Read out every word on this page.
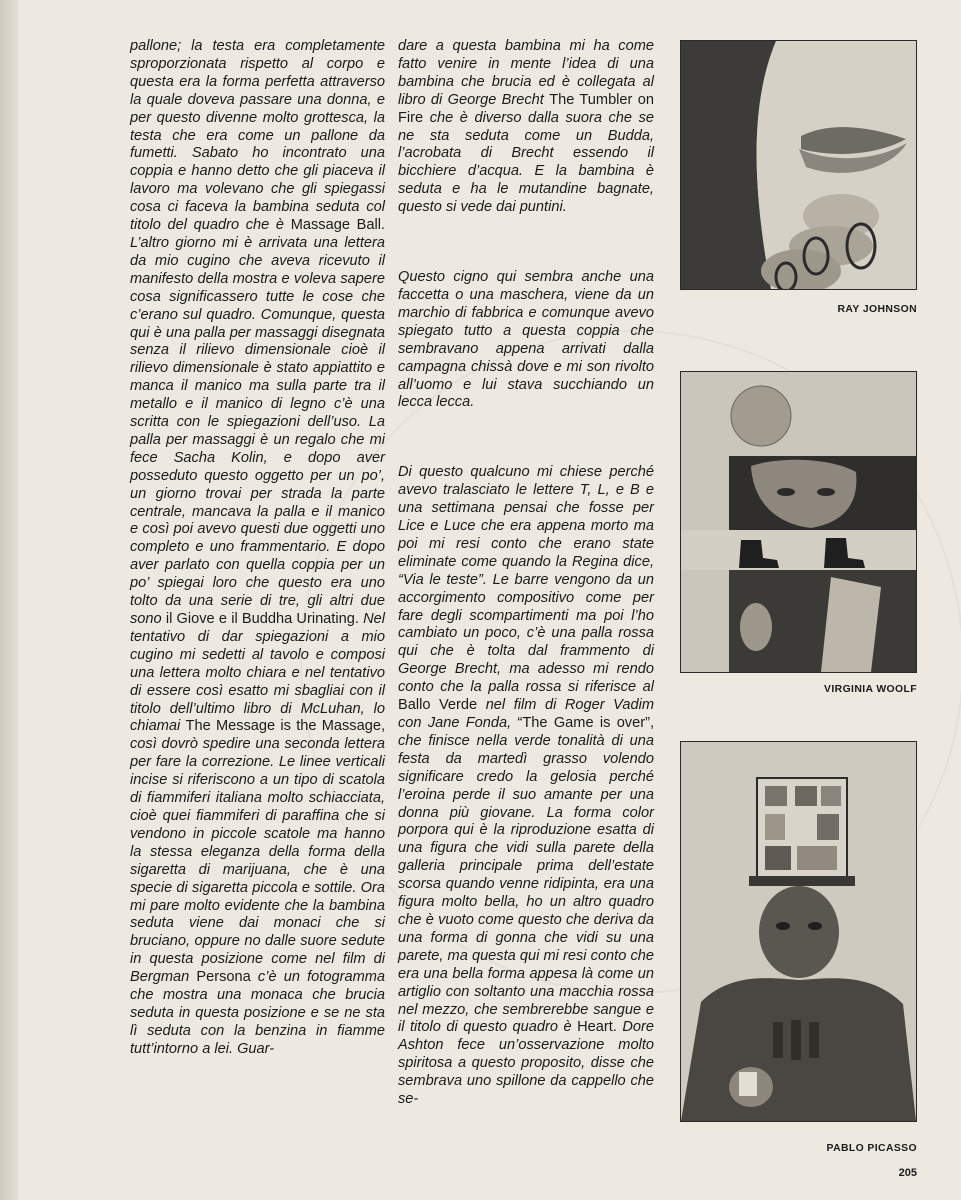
pallone; la testa era completamente sproporzionata rispetto al corpo e questa era la forma perfetta attraverso la quale doveva passare una donna, e per questo divenne molto grottesca, la testa che era come un pallone da fumetti. Sabato ho incontrato una coppia e hanno detto che gli piaceva il lavoro ma volevano che gli spiegassi cosa ci faceva la bambina seduta col titolo del quadro che è Massage Ball. L’altro giorno mi è arrivata una lettera da mio cugino che aveva ricevuto il manifesto della mostra e voleva sapere cosa significassero tutte le cose che c’erano sul quadro. Comunque, questa qui è una palla per massaggi disegnata senza il rilievo dimensionale cioè il rilievo dimensionale è stato appiattito e manca il manico ma sulla parte tra il metallo e il manico di legno c’è una scritta con le spiegazioni dell’uso. La palla per massaggi è un regalo che mi fece Sacha Kolin, e dopo aver posseduto questo oggetto per un po’, un giorno trovai per strada la parte centrale, mancava la palla e il manico e così poi avevo questi due oggetti uno completo e uno frammentario. E dopo aver parlato con quella coppia per un po’ spiegai loro che questo era uno tolto da una serie di tre, gli altri due sono il Giove e il Buddha Urinating. Nel tentativo di dar spiegazioni a mio cugino mi sedetti al tavolo e composi una lettera molto chiara e nel tentativo di essere così esatto mi sbagliai con il titolo dell’ultimo libro di McLuhan, lo chiamai The Message is the Massage, così dovrò spedire una seconda lettera per fare la correzione. Le linee verticali incise si riferiscono a un tipo di scatola di fiammiferi italiana molto schiacciata, cioè quei fiammiferi di paraffina che si vendono in piccole scatole ma hanno la stessa eleganza della forma della sigaretta di marijuana, che è una specie di sigaretta piccola e sottile. Ora mi pare molto evidente che la bambina seduta viene dai monaci che si bruciano, oppure no dalle suore sedute in questa posizione come nel film di Bergman Persona c’è un fotogramma che mostra una monaca che brucia seduta in questa posizione e se ne sta lì seduta con la benzina in fiamme tutt’intorno a lei. Guar-

dare a questa bambina mi ha come fatto venire in mente l’idea di una bambina che brucia ed è collegata al libro di George Brecht The Tumbler on Fire che è diverso dalla suora che se ne sta seduta come un Budda, l’acrobata di Brecht essendo il bicchiere d’acqua. E la bambina è seduta e ha le mutandine bagnate, questo si vede dai puntini.

Questo cigno qui sembra anche una faccetta o una maschera, viene da un marchio di fabbrica e comunque avevo spiegato tutto a questa coppia che sembravano appena arrivati dalla campagna chissà dove e mi son rivolto all’uomo e lui stava succhiando un lecca lecca.

Di questo qualcuno mi chiese perché avevo tralasciato le lettere T, L, e B e una settimana pensai che fosse per Lice e Luce che era appena morto ma poi mi resi conto che erano state eliminate come quando la Regina dice, “Via le teste”. Le barre vengono da un accorgimento compositivo come per fare degli scompartimenti ma poi l’ho cambiato un poco, c’è una palla rossa qui che è tolta dal frammento di George Brecht, ma adesso mi rendo conto che la palla rossa si riferisce al Ballo Verde nel film di Roger Vadim con Jane Fonda, “The Game is over”, che finisce nella verde tonalità di una festa da martedì grasso volendo significare credo la gelosia perché l’eroina perde il suo amante per una donna più giovane. La forma color porpora qui è la riproduzione esatta di una figura che vidi sulla parete della galleria principale prima dell’estate scorsa quando venne ridipinta, era una figura molto bella, ho un altro quadro che è vuoto come questo che deriva da una forma di gonna che vidi su una parete, ma questa qui mi resi conto che era una bella forma appesa là come un artiglio con soltanto una macchia rossa nel mezzo, che sembrerebbe sangue e il titolo di questo quadro è Heart. Dore Ashton fece un’osservazione molto spiritosa a questo proposito, disse che sembrava uno spillone da cappello che se-

RAY JOHNSON
VIRGINIA WOOLF
PABLO PICASSO
205
